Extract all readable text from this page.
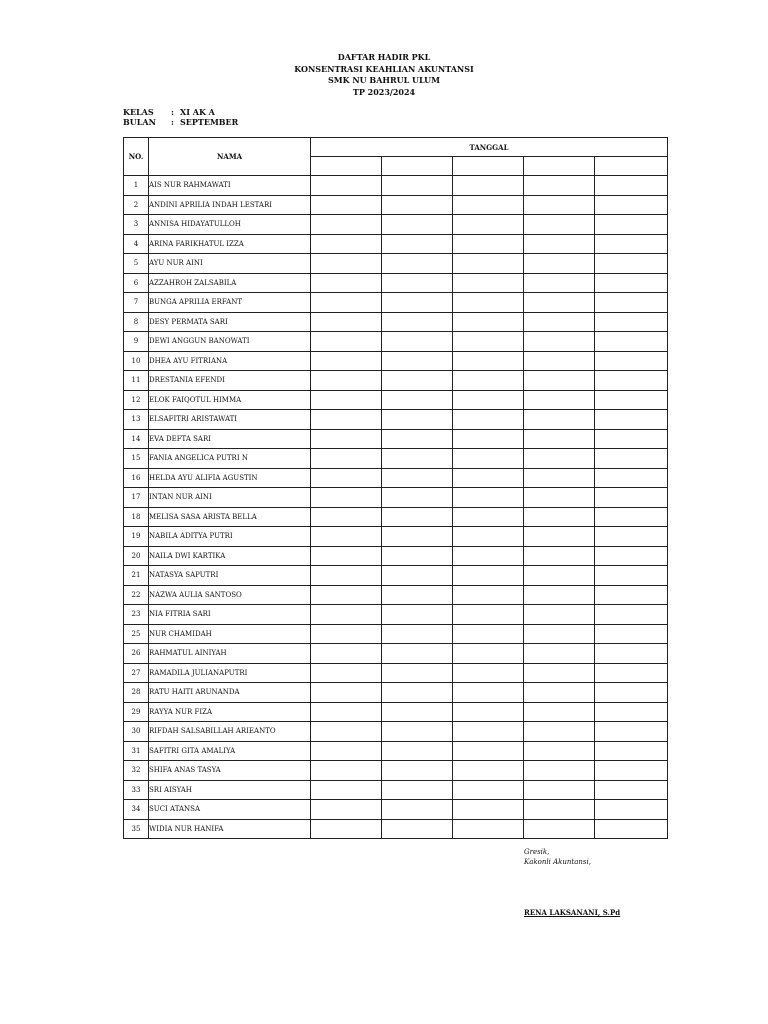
DAFTAR HADIR PKL
KONSENTRASI KEAHLIAN AKUNTANSI
SMK NU BAHRUL ULUM
TP 2023/2024
KELAS : XI AK A
BULAN : SEPTEMBER
NO.	NAMA	TANGGAL				

1	AIS NUR RAHMAWATI					
2	ANDINI APRILIA INDAH LESTARI					
3	ANNISA HIDAYATULLOH					
4	ARINA FARIKHATUL IZZA					
5	AYU NUR AINI					
6	AZZAHROH ZALSABILA					
7	BUNGA APRILIA ERFANT					
8	DESY PERMATA SARI					
9	DEWI ANGGUN BANOWATI					
10	DHEA AYU FITRIANA					
11	DRESTANIA EFENDI					
12	ELOK FAIQOTUL HIMMA					
13	ELSAFITRI ARISTAWATI					
14	EVA DEFTA SARI					
15	FANIA ANGELICA PUTRI N					
16	HELDA AYU ALIFIA AGUSTIN					
17	INTAN NUR AINI					
18	MELISA SASA ARISTA BELLA					
19	NABILA ADITYA PUTRI					
20	NAILA DWI KARTIKA					
21	NATASYA SAPUTRI					
22	NAZWA AULIA SANTOSO					
23	NIA FITRIA SARI					
25	NUR CHAMIDAH					
26	RAHMATUL AINIYAH					
27	RAMADILA JULIANAPUTRI					
28	RATU HAITI ARUNANDA					
29	RAYYA NUR FIZA					
30	RIFDAH SALSABILLAH ARIEANTO					
31	SAFITRI GITA AMALIYA					
32	SHIFA ANAS TASYA					
33	SRI AISYAH					
34	SUCI ATANSA					
35	WIDIA NUR HANIFA					
Gresik,
Kakonli Akuntansi,
RENA LAKSANANI, S.Pd
